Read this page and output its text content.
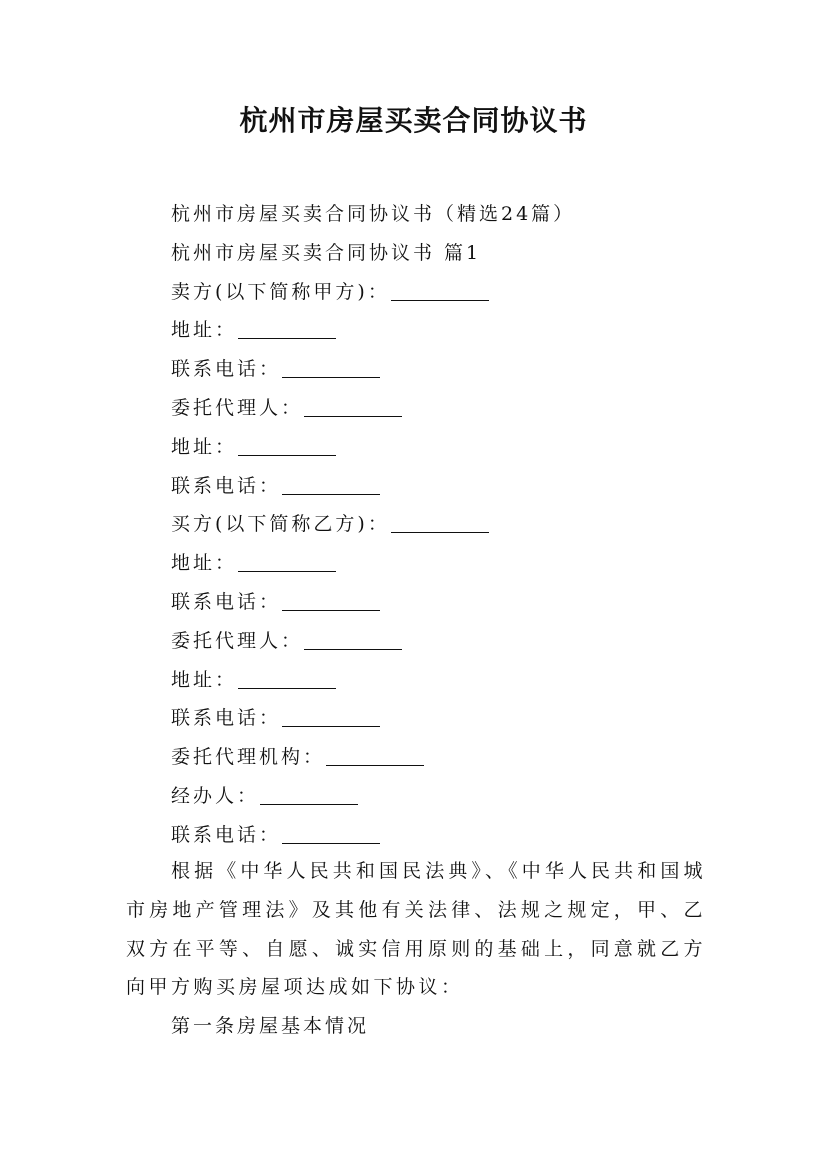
杭州市房屋买卖合同协议书
杭州市房屋买卖合同协议书（精选24篇）
杭州市房屋买卖合同协议书 篇1
卖方(以下简称甲方)：
地址：
联系电话：
委托代理人：
地址：
联系电话：
买方(以下简称乙方)：
地址：
联系电话：
委托代理人：
地址：
联系电话：
委托代理机构：
经办人：
联系电话：
根据《中华人民共和国民法典》、《中华人民共和国城市房地产管理法》及其他有关法律、法规之规定，甲、乙双方在平等、自愿、诚实信用原则的基础上，同意就乙方向甲方购买房屋项达成如下协议：
第一条房屋基本情况
